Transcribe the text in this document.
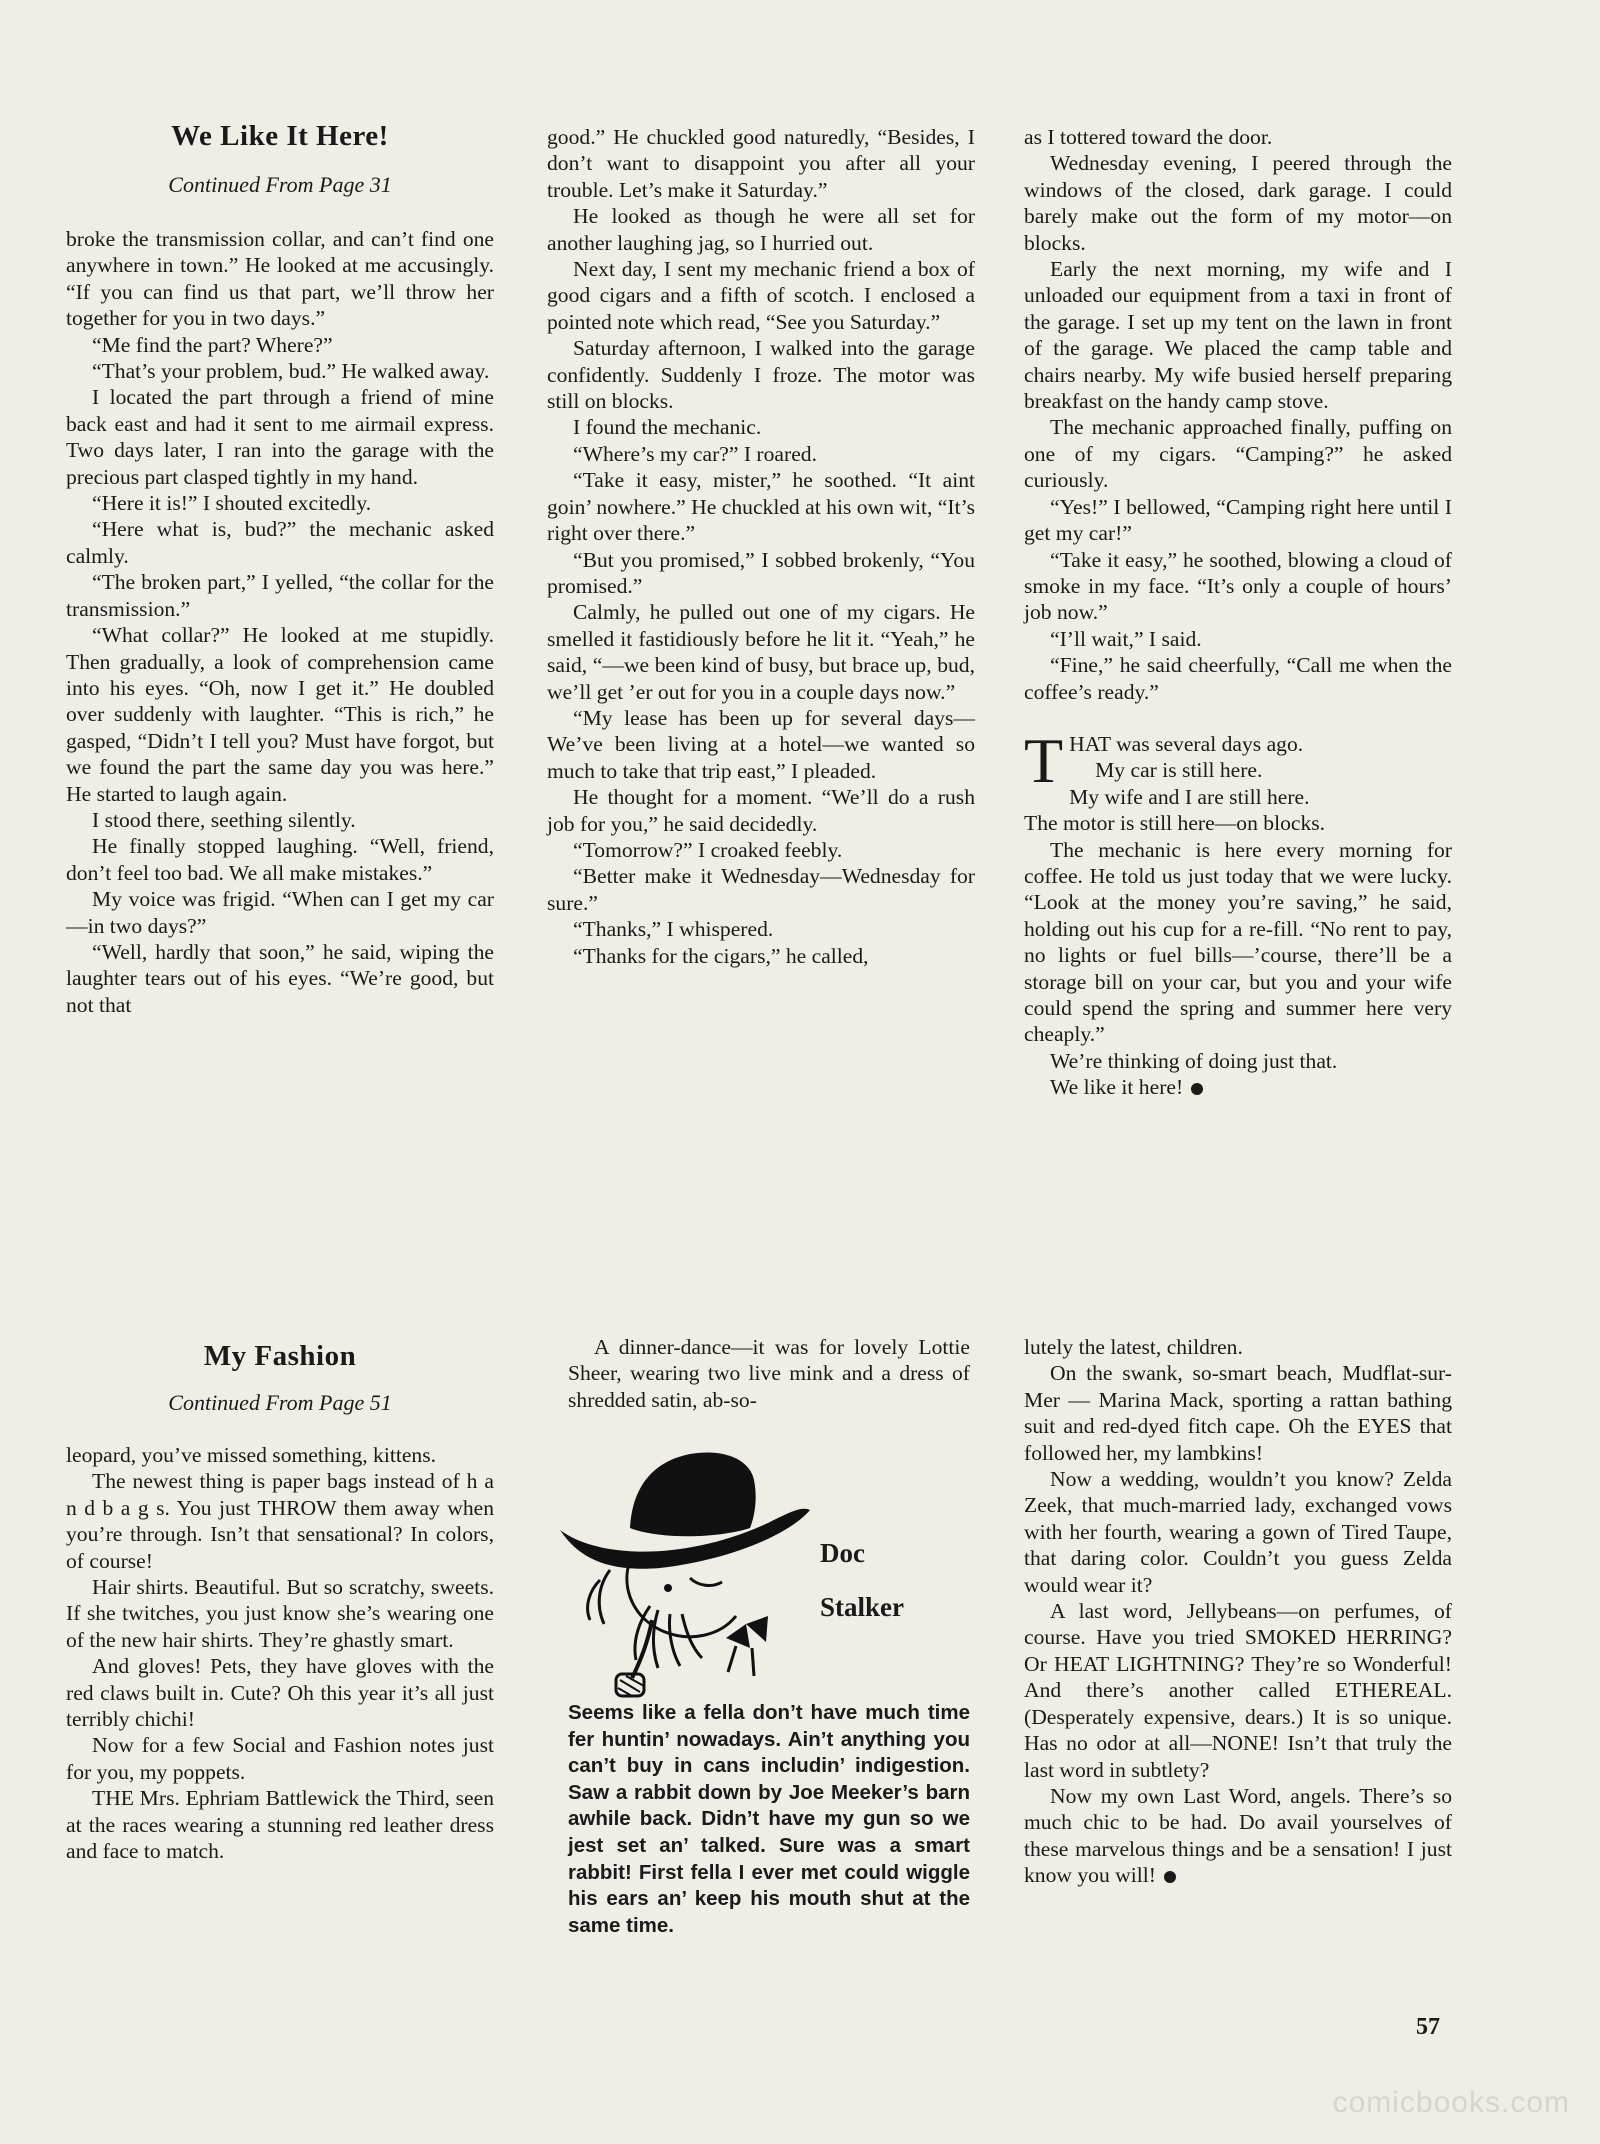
We Like It Here!
Continued From Page 31

broke the transmission collar, and can’t find one anywhere in town.” He looked at me accusingly. “If you can find us that part, we’ll throw her together for you in two days.”

“Me find the part? Where?”

“That’s your problem, bud.” He walked away.

I located the part through a friend of mine back east and had it sent to me airmail express. Two days later, I ran into the garage with the precious part clasped tightly in my hand.

“Here it is!” I shouted excitedly.

“Here what is, bud?” the mechanic asked calmly.

“The broken part,” I yelled, “the collar for the transmission.”

“What collar?” He looked at me stupidly. Then gradually, a look of comprehension came into his eyes. “Oh, now I get it.” He doubled over suddenly with laughter. “This is rich,” he gasped, “Didn’t I tell you? Must have forgot, but we found the part the same day you was here.” He started to laugh again.

I stood there, seething silently.

He finally stopped laughing. “Well, friend, don’t feel too bad. We all make mistakes.”

My voice was frigid. “When can I get my car—in two days?”

“Well, hardly that soon,” he said, wiping the laughter tears out of his eyes. “We’re good, but not that

good.” He chuckled good naturedly, “Besides, I don’t want to disappoint you after all your trouble. Let’s make it Saturday.”

He looked as though he were all set for another laughing jag, so I hurried out.

Next day, I sent my mechanic friend a box of good cigars and a fifth of scotch. I enclosed a pointed note which read, “See you Saturday.”

Saturday afternoon, I walked into the garage confidently. Suddenly I froze. The motor was still on blocks.

I found the mechanic.

“Where’s my car?” I roared.

“Take it easy, mister,” he soothed. “It aint goin’ nowhere.” He chuckled at his own wit, “It’s right over there.”

“But you promised,” I sobbed brokenly, “You promised.”

Calmly, he pulled out one of my cigars. He smelled it fastidiously before he lit it. “Yeah,” he said, “—we been kind of busy, but brace up, bud, we’ll get ’er out for you in a couple days now.”

“My lease has been up for several days—We’ve been living at a hotel—we wanted so much to take that trip east,” I pleaded.

He thought for a moment. “We’ll do a rush job for you,” he said decidedly.

“Tomorrow?” I croaked feebly.

“Better make it Wednesday—Wednesday for sure.”

“Thanks,” I whispered.

“Thanks for the cigars,” he called,

as I tottered toward the door.

Wednesday evening, I peered through the windows of the closed, dark garage. I could barely make out the form of my motor—on blocks.

Early the next morning, my wife and I unloaded our equipment from a taxi in front of the garage. I set up my tent on the lawn in front of the garage. We placed the camp table and chairs nearby. My wife busied herself preparing breakfast on the handy camp stove.

The mechanic approached finally, puffing on one of my cigars. “Camping?” he asked curiously.

“Yes!” I bellowed, “Camping right here until I get my car!”

“Take it easy,” he soothed, blowing a cloud of smoke in my face. “It’s only a couple of hours’ job now.”

“I’ll wait,” I said.

“Fine,” he said cheerfully, “Call me when the coffee’s ready.”

THAT was several days ago.

My car is still here.

My wife and I are still here.

The motor is still here—on blocks.

The mechanic is here every morning for coffee. He told us just today that we were lucky. “Look at the money you’re saving,” he said, holding out his cup for a re-fill. “No rent to pay, no lights or fuel bills—’course, there’ll be a storage bill on your car, but you and your wife could spend the spring and summer here very cheaply.”

We’re thinking of doing just that.

We like it here!

My Fashion
Continued From Page 51

leopard, you’ve missed something, kittens.

The newest thing is paper bags instead of h a n d b a g s. You just THROW them away when you’re through. Isn’t that sensational? In colors, of course!

Hair shirts. Beautiful. But so scratchy, sweets. If she twitches, you just know she’s wearing one of the new hair shirts. They’re ghastly smart.

And gloves! Pets, they have gloves with the red claws built in. Cute? Oh this year it’s all just terribly chichi!

Now for a few Social and Fashion notes just for you, my poppets.

THE Mrs. Ephriam Battlewick the Third, seen at the races wearing a stunning red leather dress and face to match.

A dinner-dance—it was for lovely Lottie Sheer, wearing two live mink and a dress of shredded satin, ab-so-

Doc
Stalker

Seems like a fella don’t have much time fer huntin’ nowadays. Ain’t anything you can’t buy in cans includin’ indigestion. Saw a rabbit down by Joe Meeker’s barn awhile back. Didn’t have my gun so we jest set an’ talked. Sure was a smart rabbit! First fella I ever met could wiggle his ears an’ keep his mouth shut at the same time.

lutely the latest, children.

On the swank, so-smart beach, Mudflat-sur-Mer — Marina Mack, sporting a rattan bathing suit and red-dyed fitch cape. Oh the EYES that followed her, my lambkins!

Now a wedding, wouldn’t you know? Zelda Zeek, that much-married lady, exchanged vows with her fourth, wearing a gown of Tired Taupe, that daring color. Couldn’t you guess Zelda would wear it?

A last word, Jellybeans—on perfumes, of course. Have you tried SMOKED HERRING? Or HEAT LIGHTNING? They’re so Wonderful! And there’s another called ETHEREAL. (Desperately expensive, dears.) It is so unique. Has no odor at all—NONE! Isn’t that truly the last word in subtlety?

Now my own Last Word, angels. There’s so much chic to be had. Do avail yourselves of these marvelous things and be a sensation! I just know you will!

57
comicbooks.com
